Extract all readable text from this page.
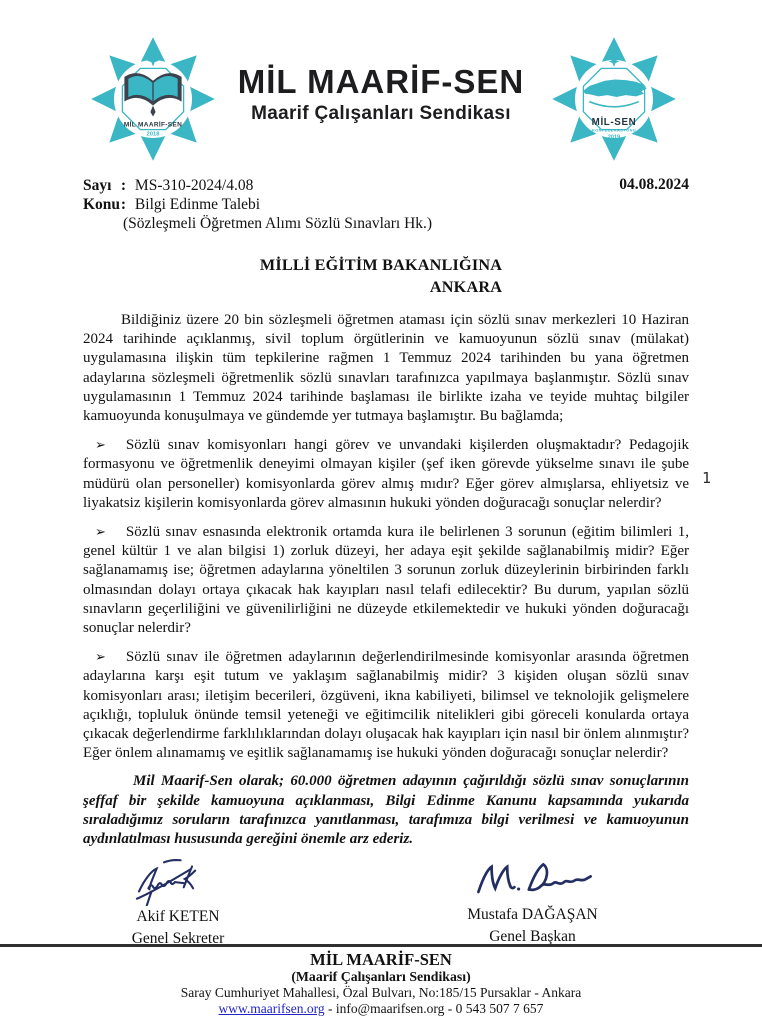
MİL MAARİF-SEN
2018
MİL MAARİF-SEN
Maarif Çalışanları Sendikası	MİL-SEN
KONFEDERASYONU
2019
Sayı : MS-310-2024/4.08
Konu : Bilgi Edinme Talebi
(Sözleşmeli Öğretmen Alımı Sözlü Sınavları Hk.)
04.08.2024
MİLLİ EĞİTİM BAKANLIĞINA
ANKARA

Bildiğiniz üzere 20 bin sözleşmeli öğretmen ataması için sözlü sınav merkezleri 10 Haziran 2024 tarihinde açıklanmış, sivil toplum örgütlerinin ve kamuoyunun sözlü sınav (mülakat) uygulamasına ilişkin tüm tepkilerine rağmen 1 Temmuz 2024 tarihinden bu yana öğretmen adaylarına sözleşmeli öğretmenlik sözlü sınavları tarafınızca yapılmaya başlanmıştır. Sözlü sınav uygulamasının 1 Temmuz 2024 tarihinde başlaması ile birlikte izaha ve teyide muhtaç bilgiler kamuoyunda konuşulmaya ve gündemde yer tutmaya başlamıştır. Bu bağlamda;

➢ Sözlü sınav komisyonları hangi görev ve unvandaki kişilerden oluşmaktadır? Pedagojik formasyonu ve öğretmenlik deneyimi olmayan kişiler (şef iken görevde yükselme sınavı ile şube müdürü olan personeller) komisyonlarda görev almış mıdır? Eğer görev almışlarsa, ehliyetsiz ve liyakatsiz kişilerin komisyonlarda görev almasının hukuki yönden doğuracağı sonuçlar nelerdir?

➢ Sözlü sınav esnasında elektronik ortamda kura ile belirlenen 3 sorunun (eğitim bilimleri 1, genel kültür 1 ve alan bilgisi 1) zorluk düzeyi, her adaya eşit şekilde sağlanabilmiş midir? Eğer sağlanamamış ise; öğretmen adaylarına yöneltilen 3 sorunun zorluk düzeylerinin birbirinden farklı olmasından dolayı ortaya çıkacak hak kayıpları nasıl telafi edilecektir? Bu durum, yapılan sözlü sınavların geçerliliğini ve güvenilirliğini ne düzeyde etkilemektedir ve hukuki yönden doğuracağı sonuçlar nelerdir?

➢ Sözlü sınav ile öğretmen adaylarının değerlendirilmesinde komisyonlar arasında öğretmen adaylarına karşı eşit tutum ve yaklaşım sağlanabilmiş midir? 3 kişiden oluşan sözlü sınav komisyonları arası; iletişim becerileri, özgüveni, ikna kabiliyeti, bilimsel ve teknolojik gelişmelere açıklığı, topluluk önünde temsil yeteneği ve eğitimcilik nitelikleri gibi göreceli konularda ortaya çıkacak değerlendirme farklılıklarından dolayı oluşacak hak kayıpları için nasıl bir önlem alınmıştır? Eğer önlem alınamamış ve eşitlik sağlanamamış ise hukuki yönden doğuracağı sonuçlar nelerdir?

Mil Maarif-Sen olarak; 60.000 öğretmen adayının çağırıldığı sözlü sınav sonuçlarının şeffaf bir şekilde kamuoyuna açıklanması, Bilgi Edinme Kanunu kapsamında yukarıda sıraladığımız soruların tarafınızca yanıtlanması, tarafımıza bilgi verilmesi ve kamuoyunun aydınlatılması hususunda gereğini önemle arz ederiz.

1
Akif KETEN
Genel Sekreter
Mustafa DAĞAŞAN
Genel Başkan
MİL MAARİF-SEN
(Maarif Çalışanları Sendikası)
Saray Cumhuriyet Mahallesi, Özal Bulvarı, No:185/15 Pursaklar - Ankara
www.maarifsen.org - info@maarifsen.org - 0 543 507 7 657
